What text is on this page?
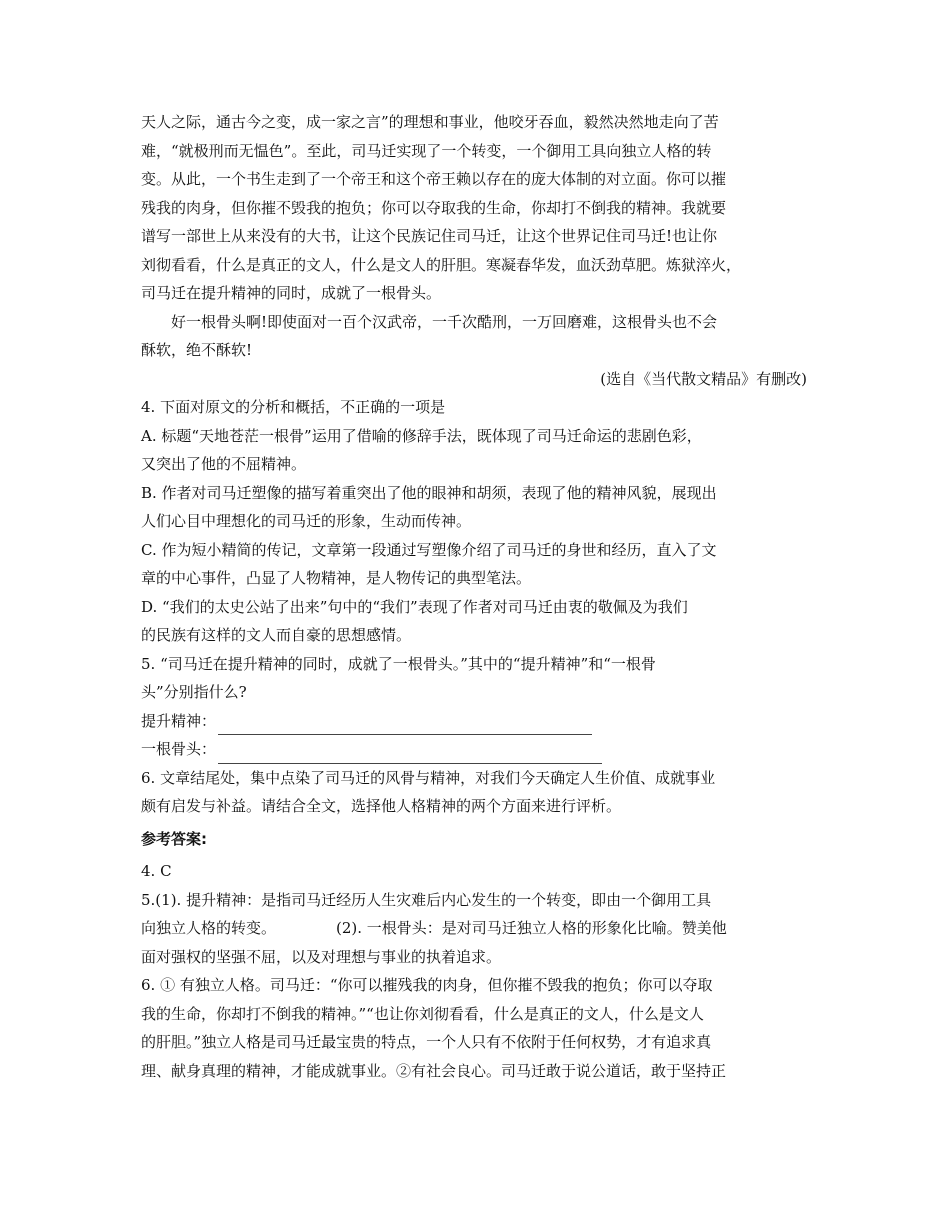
天人之际，通古今之变，成一家之言”的理想和事业，他咬牙吞血，毅然决然地走向了苦
难，“就极刑而无愠色”。至此，司马迁实现了一个转变，一个御用工具向独立人格的转
变。从此，一个书生走到了一个帝王和这个帝王赖以存在的庞大体制的对立面。你可以摧
残我的肉身，但你摧不毁我的抱负；你可以夺取我的生命，你却打不倒我的精神。我就要
谱写一部世上从来没有的大书，让这个民族记住司马迁，让这个世界记住司马迁!也让你
刘彻看看，什么是真正的文人，什么是文人的肝胆。寒凝春华发，血沃劲草肥。炼狱淬火，
司马迁在提升精神的同时，成就了一根骨头。
好一根骨头啊!即使面对一百个汉武帝，一千次酷刑，一万回磨难，这根骨头也不会
酥软，绝不酥软!
(选自《当代散文精品》有删改)
4. 下面对原文的分析和概括，不正确的一项是
A. 标题“天地苍茫一根骨”运用了借喻的修辞手法，既体现了司马迁命运的悲剧色彩，
又突出了他的不屈精神。
B. 作者对司马迁塑像的描写着重突出了他的眼神和胡须，表现了他的精神风貌，展现出
人们心目中理想化的司马迁的形象，生动而传神。
C. 作为短小精简的传记，文章第一段通过写塑像介绍了司马迁的身世和经历，直入了文
章的中心事件，凸显了人物精神，是人物传记的典型笔法。
D. “我们的太史公站了出来”句中的“我们”表现了作者对司马迁由衷的敬佩及为我们
的民族有这样的文人而自豪的思想感情。
5. “司马迁在提升精神的同时，成就了一根骨头。”其中的“提升精神”和“一根骨
头”分别指什么?
提升精神：
一根骨头：
6. 文章结尾处，集中点染了司马迁的风骨与精神，对我们今天确定人生价值、成就事业
颇有启发与补益。请结合全文，选择他人格精神的两个方面来进行评析。
参考答案:
4. C
5.(1). 提升精神：是指司马迁经历人生灾难后内心发生的一个转变，即由一个御用工具
向独立人格的转变。	(2). 一根骨头：是对司马迁独立人格的形象化比喻。赞美他
面对强权的坚强不屈，以及对理想与事业的执着追求。
6. ① 有独立人格。司马迁：“你可以摧残我的肉身，但你摧不毁我的抱负；你可以夺取
我的生命，你却打不倒我的精神。”“也让你刘彻看看，什么是真正的文人，什么是文人
的肝胆。”独立人格是司马迁最宝贵的特点，一个人只有不依附于任何权势，才有追求真
理、献身真理的精神，才能成就事业。②有社会良心。司马迁敢于说公道话，敢于坚持正
